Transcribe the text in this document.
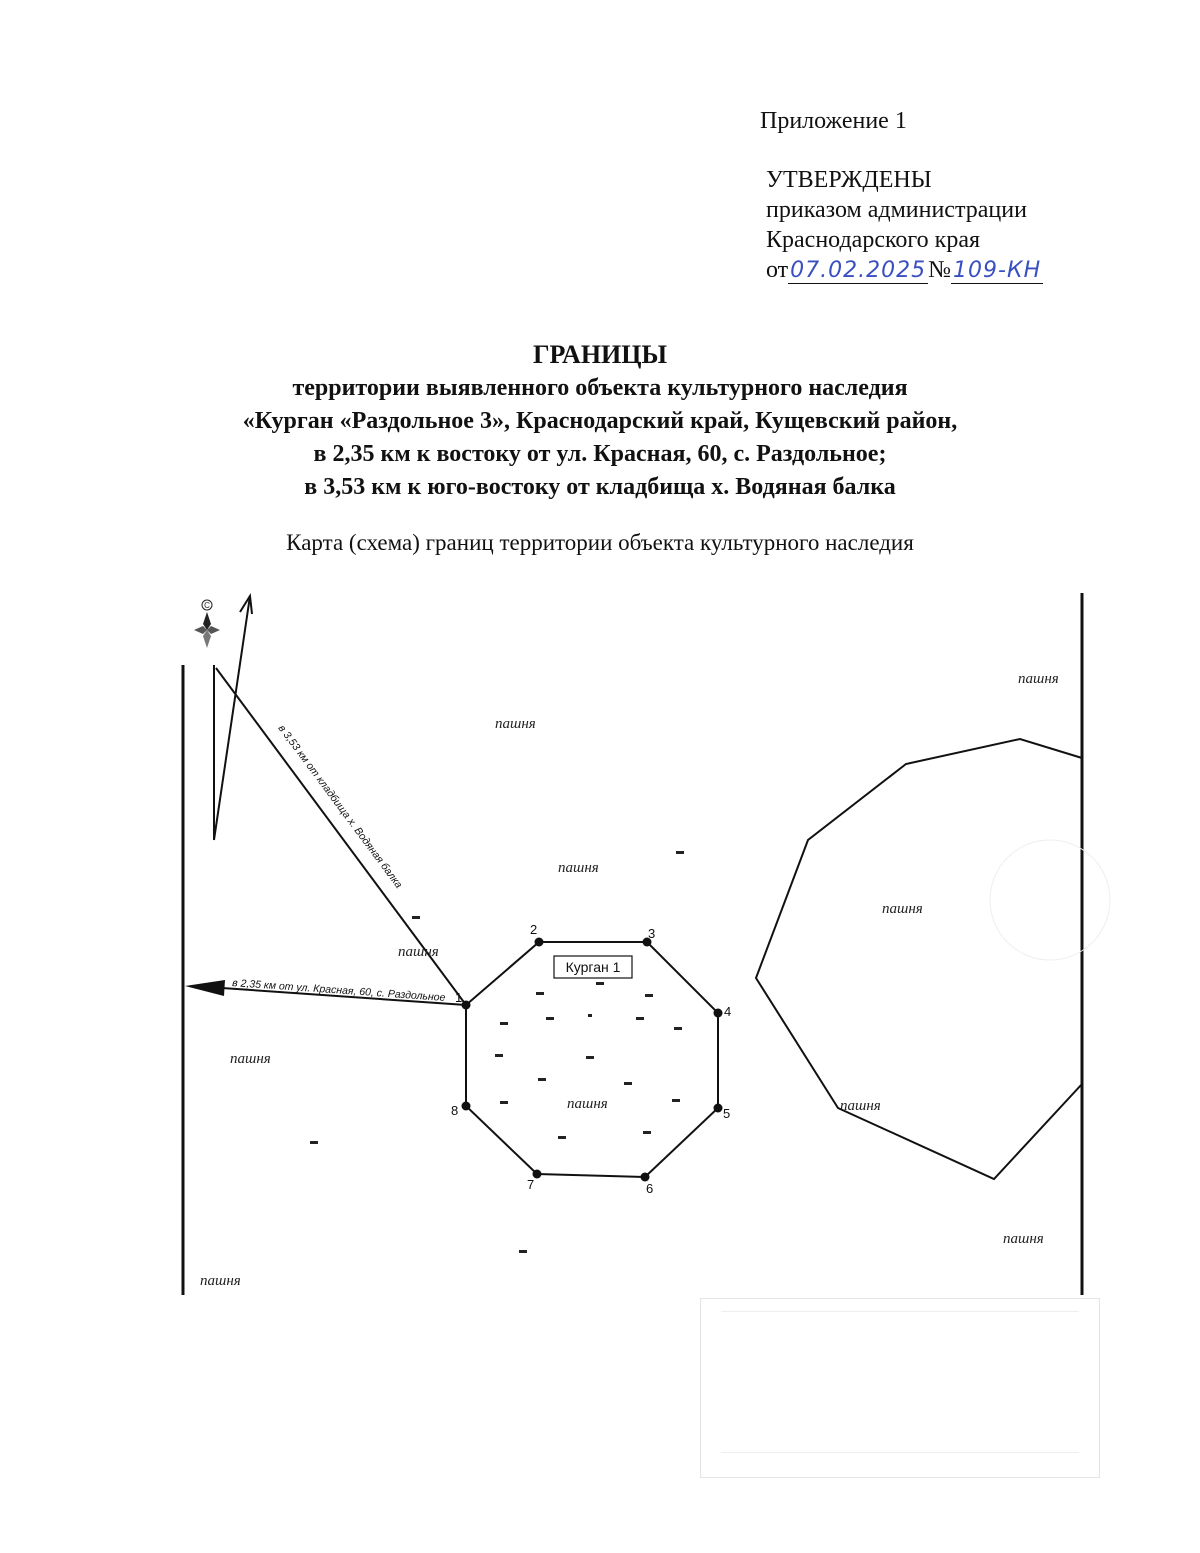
Приложение 1
УТВЕРЖДЕНЫ
приказом администрации
Краснодарского края
от07.02.2025№109-КН
ГРАНИЦЫ
территории выявленного объекта культурного наследия
«Курган «Раздольное 3», Краснодарский край, Кущевский район,
в 2,35 км к востоку от ул. Красная, 60, с. Раздольное;
в 3,53 км к юго-востоку от кладбища х. Водяная балка
Карта (схема) границ территории объекта культурного наследия
С
в 3,53 км от кладбища х. Водяная балка
в 2,35 км от ул. Красная, 60, с. Раздольное 1
2	3
4
5
6
7
8
Курган 1
пашня
пашня
пашня
пашня
пашня
пашня
пашня	пашня
пашня
пашня
